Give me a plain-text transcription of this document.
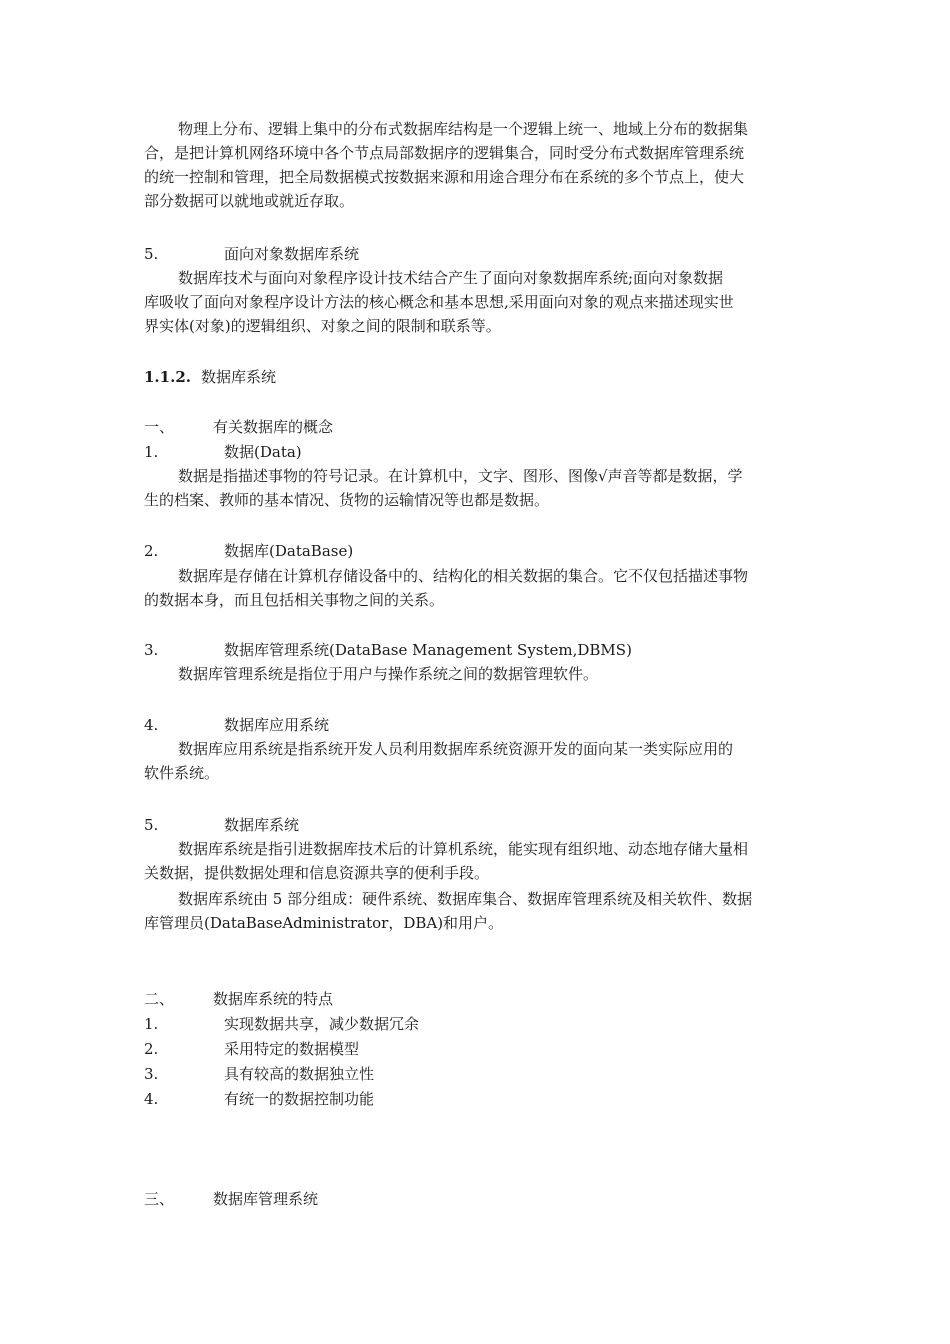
物理上分布、逻辑上集中的分布式数据库结构是一个逻辑上统一、地域上分布的数据集
合，是把计算机网络环境中各个节点局部数据序的逻辑集合，同时受分布式数据库管理系统
的统一控制和管理，把全局数据模式按数据来源和用途合理分布在系统的多个节点上，使大
部分数据可以就地或就近存取。
5.	面向对象数据库系统
数据库技术与面向对象程序设计技术结合产生了面向对象数据库系统;面向对象数据
库吸收了面向对象程序设计方法的核心概念和基本思想,采用面向对象的观点来描述现实世
界实体(对象)的逻辑组织、对象之间的限制和联系等。
1.1.2. 数据库系统
一、	有关数据库的概念
1.	数据(Data)
数据是指描述事物的符号记录。在计算机中，文字、图形、图像√声音等都是数据，学
生的档案、教师的基本情况、货物的运输情况等也都是数据。
2.	数据库(DataBase)
数据库是存储在计算机存储设备中的、结构化的相关数据的集合。它不仅包括描述事物
的数据本身，而且包括相关事物之间的关系。
3.	数据库管理系统(DataBase Management System,DBMS)
数据库管理系统是指位于用户与操作系统之间的数据管理软件。
4.	数据库应用系统
数据库应用系统是指系统开发人员利用数据库系统资源开发的面向某一类实际应用的
软件系统。
5.	数据库系统
数据库系统是指引进数据库技术后的计算机系统，能实现有组织地、动态地存储大量相
关数据，提供数据处理和信息资源共享的便利手段。
数据库系统由 5 部分组成：硬件系统、数据库集合、数据库管理系统及相关软件、数据
库管理员(DataBaseAdministrator，DBA)和用户。
二、	数据库系统的特点
1.	实现数据共享，减少数据冗余
2.	采用特定的数据模型
3.	具有较高的数据独立性
4.	有统一的数据控制功能
三、	数据库管理系统
